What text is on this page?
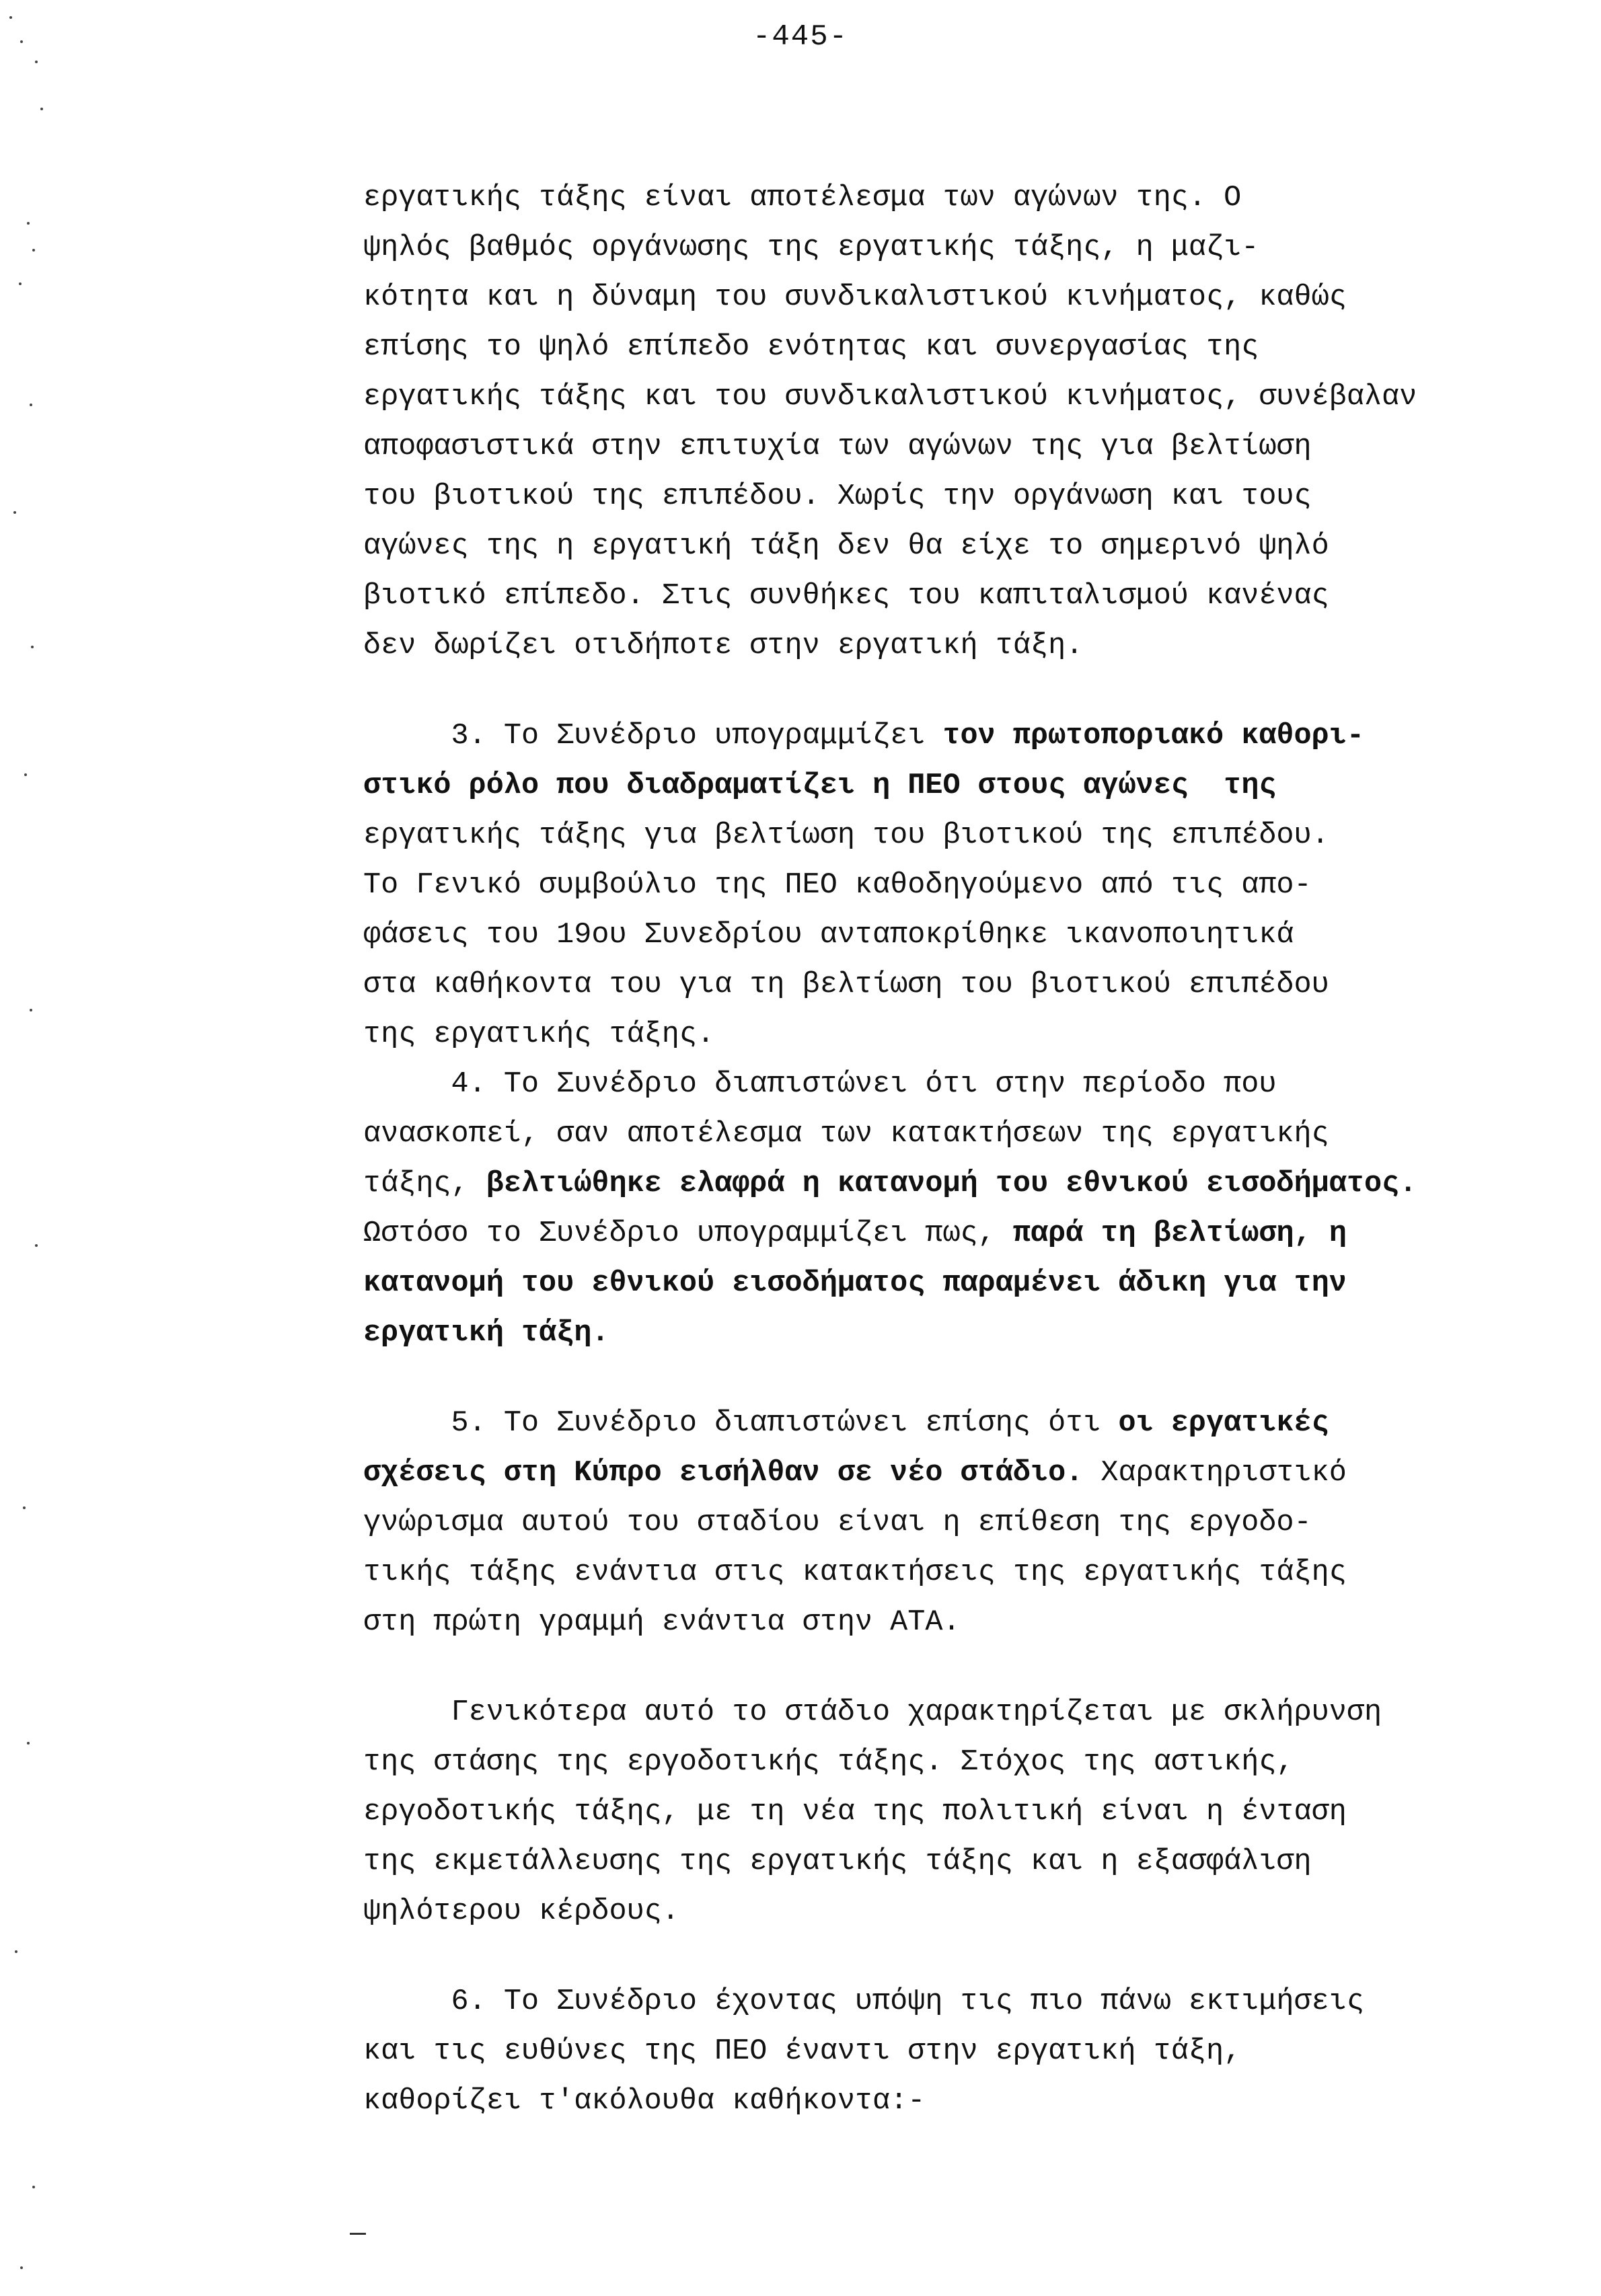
-445-

εργατικής τάξης είναι αποτέλεσμα των αγώνων της. Ο
ψηλός βαθμός οργάνωσης της εργατικής τάξης, η μαζι-
κότητα και η δύναμη του συνδικαλιστικού κινήματος, καθώς
επίσης το ψηλό επίπεδο ενότητας και συνεργασίας της
εργατικής τάξης και του συνδικαλιστικού κινήματος, συνέβαλαν
αποφασιστικά στην επιτυχία των αγώνων της για βελτίωση
του βιοτικού της επιπέδου. Χωρίς την οργάνωση και τους
αγώνες της η εργατική τάξη δεν θα είχε το σημερινό ψηλό
βιοτικό επίπεδο. Στις συνθήκες του καπιταλισμού κανένας
δεν δωρίζει οτιδήποτε στην εργατική τάξη.

3. Το Συνέδριο υπογραμμίζει τον πρωτοποριακό καθορι-
στικό ρόλο που διαδραματίζει η ΠΕΟ στους αγώνες  της
εργατικής τάξης για βελτίωση του βιοτικού της επιπέδου.
Το Γενικό συμβούλιο της ΠΕΟ καθοδηγούμενο από τις απο-
φάσεις του 19ου Συνεδρίου ανταποκρίθηκε ικανοποιητικά
στα καθήκοντα του για τη βελτίωση του βιοτικού επιπέδου
της εργατικής τάξης.

4. Το Συνέδριο διαπιστώνει ότι στην περίοδο που
ανασκοπεί, σαν αποτέλεσμα των κατακτήσεων της εργατικής
τάξης, βελτιώθηκε ελαφρά η κατανομή του εθνικού εισοδήματος.
Ωστόσο το Συνέδριο υπογραμμίζει πως, παρά τη βελτίωση, η
κατανομή του εθνικού εισοδήματος παραμένει άδικη για την
εργατική τάξη.

5. Το Συνέδριο διαπιστώνει επίσης ότι οι εργατικές
σχέσεις στη Κύπρο εισήλθαν σε νέο στάδιο. Χαρακτηριστικό
γνώρισμα αυτού του σταδίου είναι η επίθεση της εργοδο-
τικής τάξης ενάντια στις κατακτήσεις της εργατικής τάξης
στη πρώτη γραμμή ενάντια στην ΑΤΑ.

Γενικότερα αυτό το στάδιο χαρακτηρίζεται με σκλήρυνση
της στάσης της εργοδοτικής τάξης. Στόχος της αστικής,
εργοδοτικής τάξης, με τη νέα της πολιτική είναι η ένταση
της εκμετάλλευσης της εργατικής τάξης και η εξασφάλιση
ψηλότερου κέρδους.

6. Το Συνέδριο έχοντας υπόψη τις πιο πάνω εκτιμήσεις
και τις ευθύνες της ΠΕΟ έναντι στην εργατική τάξη,
καθορίζει τ'ακόλουθα καθήκοντα:-
